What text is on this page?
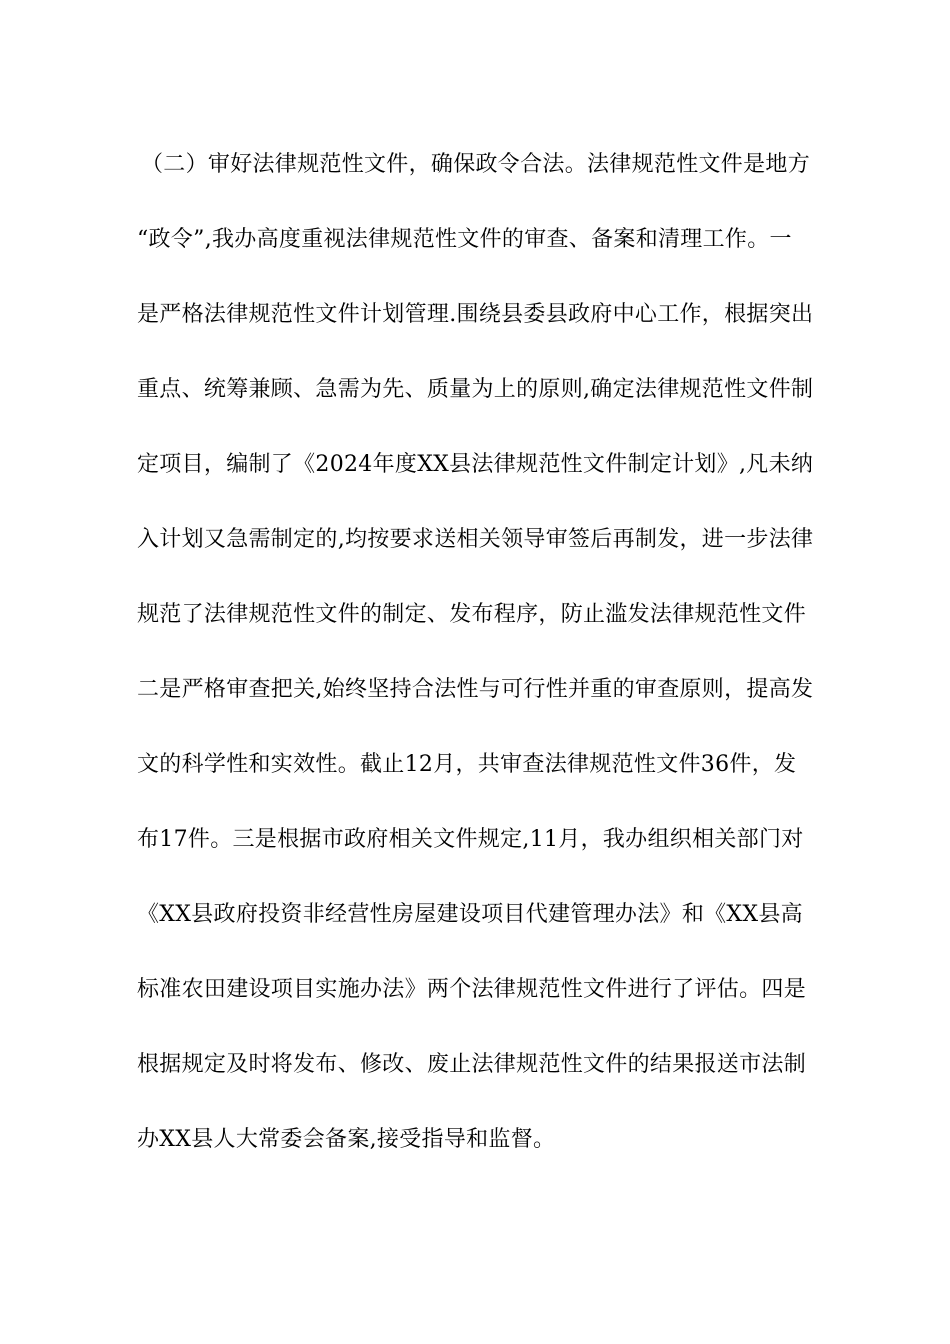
（二）审好法律规范性文件，确保政令合法。法律规范性文件是地方
“政令”,我办高度重视法律规范性文件的审查、备案和清理工作。一
是严格法律规范性文件计划管理.围绕县委县政府中心工作，根据突出
重点、统筹兼顾、急需为先、质量为上的原则,确定法律规范性文件制
定项目，编制了《2024年度XX县法律规范性文件制定计划》,凡未纳
入计划又急需制定的,均按要求送相关领导审签后再制发，进一步法律
规范了法律规范性文件的制定、发布程序，防止滥发法律规范性文件
二是严格审查把关,始终坚持合法性与可行性并重的审查原则，提高发
文的科学性和实效性。截止12月，共审查法律规范性文件36件，发
布17件。三是根据市政府相关文件规定,11月，我办组织相关部门对
《XX县政府投资非经营性房屋建设项目代建管理办法》和《XX县高
标准农田建设项目实施办法》两个法律规范性文件进行了评估。四是
根据规定及时将发布、修改、废止法律规范性文件的结果报送市法制
办XX县人大常委会备案,接受指导和监督。
